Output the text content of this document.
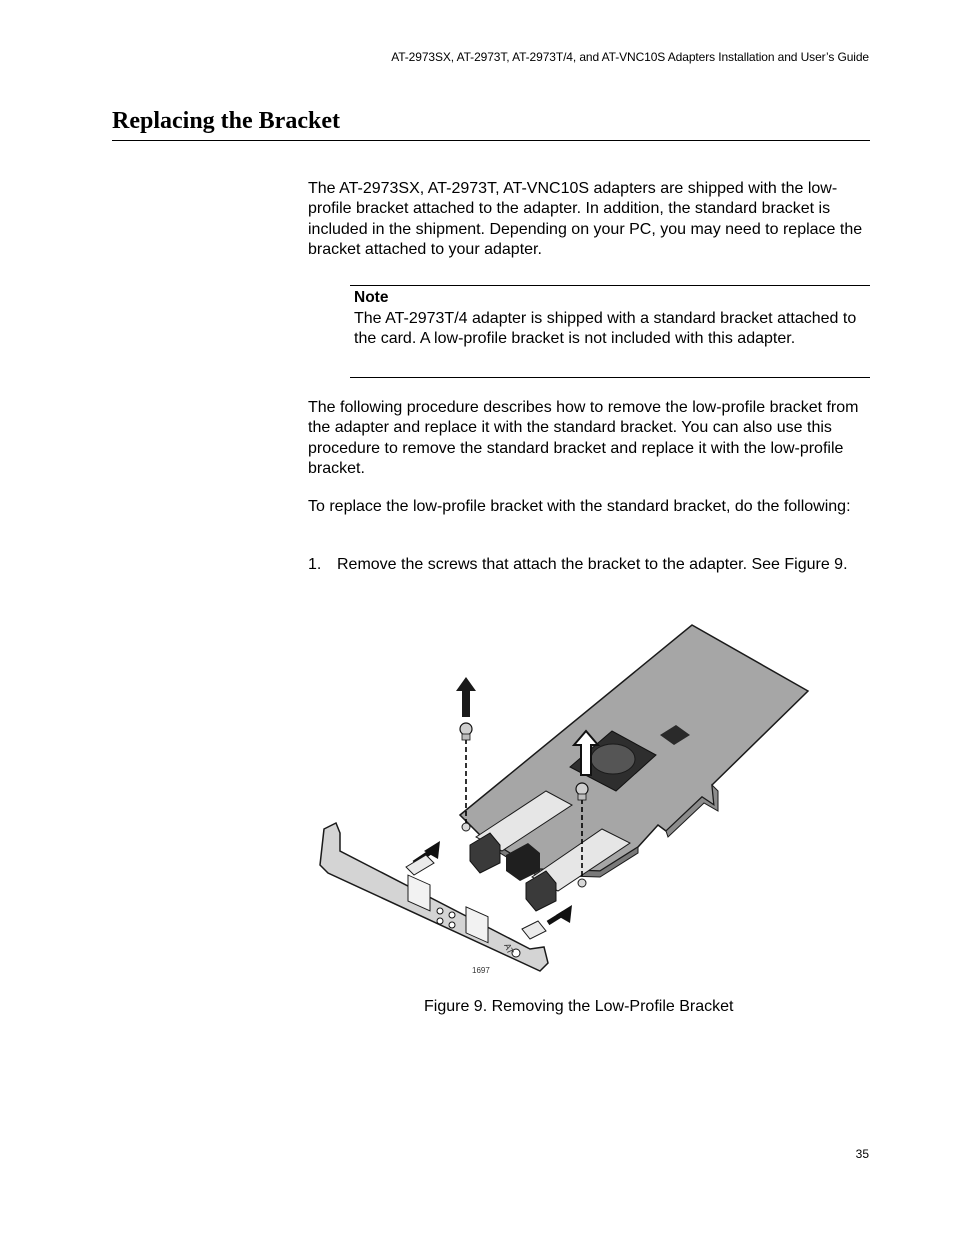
AT-2973SX, AT-2973T, AT-2973T/4, and AT-VNC10S Adapters Installation and User’s Guide
Replacing the Bracket

The AT-2973SX, AT-2973T, AT-VNC10S adapters are shipped with the low-profile bracket attached to the adapter. In addition, the standard bracket is included in the shipment. Depending on your PC, you may need to replace the bracket attached to your adapter.

Note

The AT-2973T/4 adapter is shipped with a standard bracket attached to the card. A low-profile bracket is not included with this adapter.

The following procedure describes how to remove the low-profile bracket from the adapter and replace it with the standard bracket. You can also use this procedure to remove the standard bracket and replace it with the low-profile bracket.

To replace the low-profile bracket with the standard bracket, do the following:

1. Remove the screws that attach the bracket to the adapter. See Figure 9.

AT
1697
Figure 9. Removing the Low-Profile Bracket
35
